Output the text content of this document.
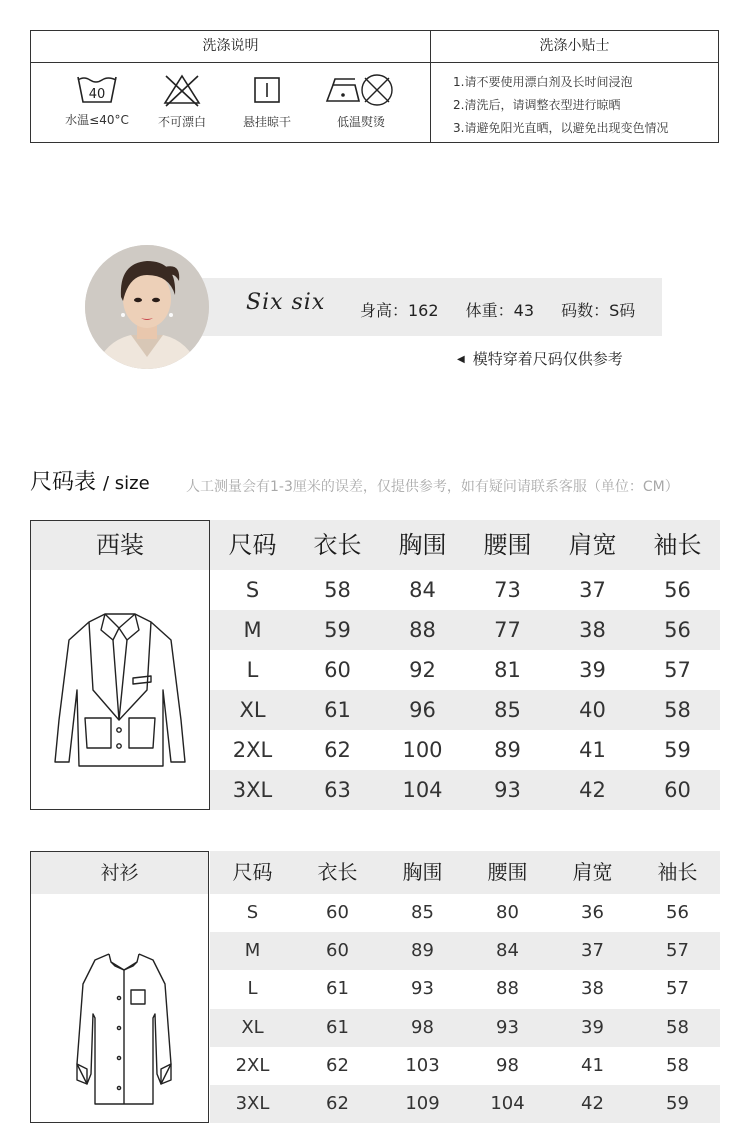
洗涤说明
40
水温≤40°C	不可漂白	悬挂晾干	低温熨烫
洗涤小贴士
1.请不要使用漂白剂及长时间浸泡
2.清洗后，请调整衣型进行晾晒
3.请避免阳光直晒，以避免出现变色情况
Six six 身高：162 体重：43 码数：S码
◀ 模特穿着尺码仅供参考
尺码表 / size	人工测量会有1-3厘米的误差，仅提供参考，如有疑问请联系客服（单位：CM）
西装	尺码	衣长	胸围	腰围	肩宽	袖长
S	58	84	73	37	56
M	59	88	77	38	56
L	60	92	81	39	57
XL	61	96	85	40	58
2XL	62	100	89	41	59
3XL	63	104	93	42	60
衬衫	尺码	衣长	胸围	腰围	肩宽	袖长
S	60	85	80	36	56
M	60	89	84	37	57
L	61	93	88	38	57
XL	61	98	93	39	58
2XL	62	103	98	41	58
3XL	62	109	104	42	59
